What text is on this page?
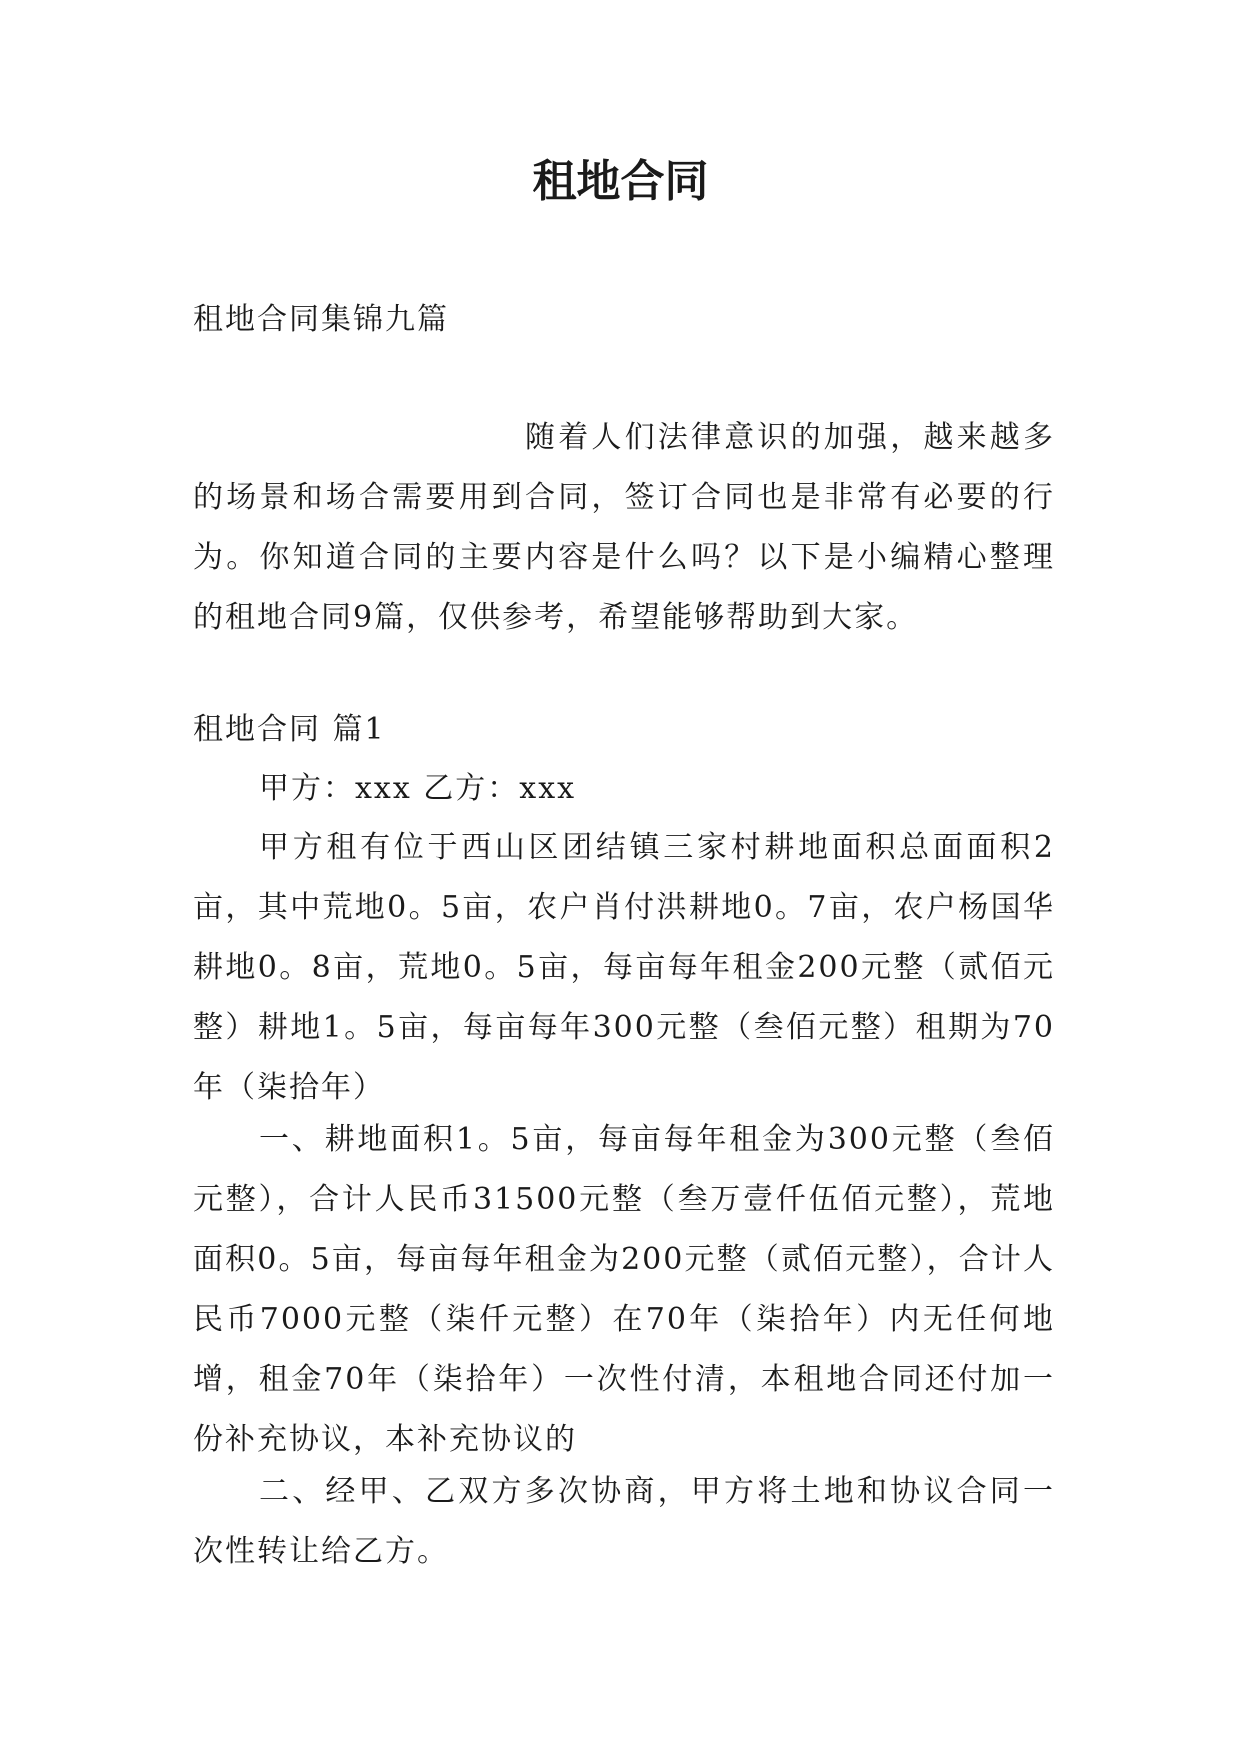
租地合同

租地合同集锦九篇

随着人们法律意识的加强，越来越多的场景和场合需要用到合同，签订合同也是非常有必要的行为。你知道合同的主要内容是什么吗？以下是小编精心整理的租地合同9篇，仅供参考，希望能够帮助到大家。

租地合同 篇1

甲方：xxx 乙方：xxx

甲方租有位于西山区团结镇三家村耕地面积总面面积2亩，其中荒地0。5亩，农户肖付洪耕地0。7亩，农户杨国华耕地0。8亩，荒地0。5亩，每亩每年租金200元整（贰佰元整）耕地1。5亩，每亩每年300元整（叁佰元整）租期为70年（柒拾年）

一、耕地面积1。5亩，每亩每年租金为300元整（叁佰元整），合计人民币31500元整（叁万壹仟伍佰元整），荒地面积0。5亩，每亩每年租金为200元整（贰佰元整），合计人民币7000元整（柒仟元整）在70年（柒拾年）内无任何地增，租金70年（柒拾年）一次性付清，本租地合同还付加一份补充协议，本补充协议的

二、经甲、乙双方多次协商，甲方将土地和协议合同一次性转让给乙方。
